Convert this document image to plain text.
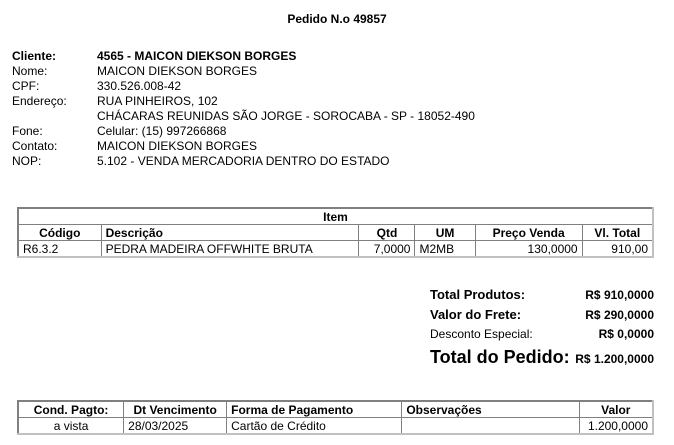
Pedido N.o 49857
Cliente:	4565 - MAICON DIEKSON BORGES
Nome:	MAICON DIEKSON BORGES
CPF:	330.526.008-42
Endereço:	RUA PINHEIROS, 102
CHÁCARAS REUNIDAS SÃO JORGE - SOROCABA - SP - 18052-490
Fone:	Celular: (15) 997266868
Contato:	MAICON DIEKSON BORGES
NOP:	5.102 - VENDA MERCADORIA DENTRO DO ESTADO
Item					
Código	Descrição	Qtd	UM	Preço Venda	Vl. Total
R6.3.2	PEDRA MADEIRA OFFWHITE BRUTA	7,0000	M2MB	130,0000	910,00
Total Produtos:	R$ 910,0000
Valor do Frete:	R$ 290,0000
Desconto Especial:	R$ 0,0000
Total do Pedido: R$ 1.200,0000
Cond. Pagto:	Dt Vencimento	Forma de Pagamento	Observações	Valor
a vista	28/03/2025	Cartão de Crédito		1.200,0000
